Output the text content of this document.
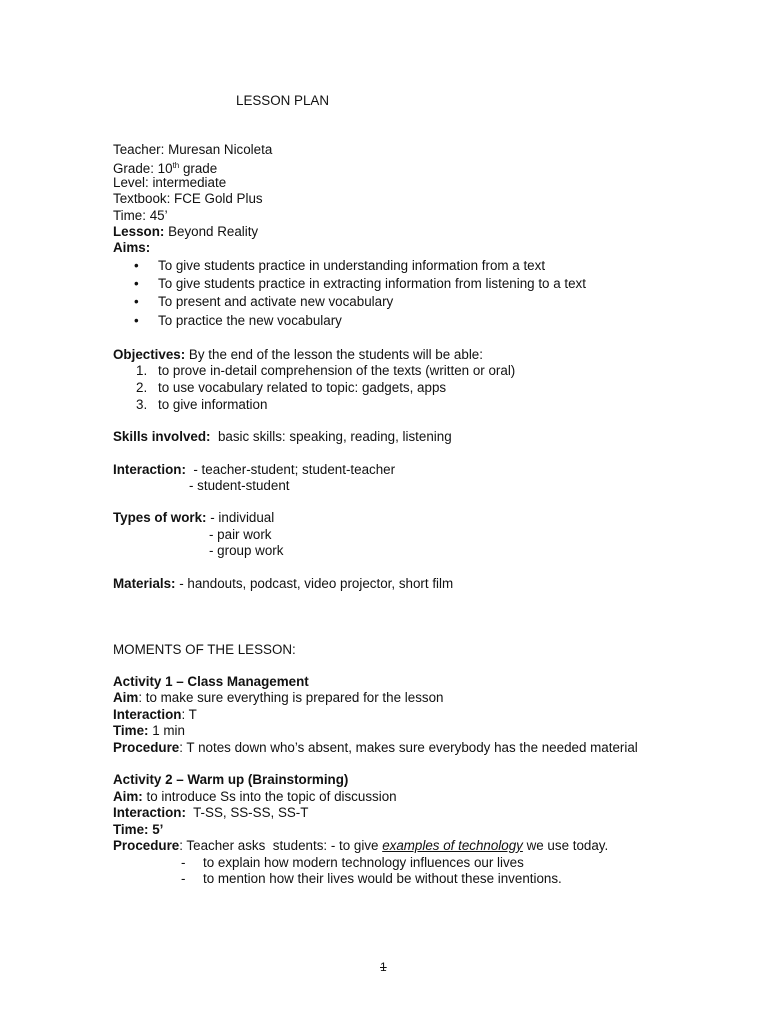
LESSON PLAN
Teacher: Muresan Nicoleta
Grade: 10th grade
Level: intermediate
Textbook: FCE Gold Plus
Time: 45’
Lesson: Beyond Reality
Aims:
• To give students practice in understanding information from a text
• To give students practice in extracting information from listening to a text
• To present and activate new vocabulary
• To practice the new vocabulary
Objectives: By the end of the lesson the students will be able:
1. to prove in-detail comprehension of the texts (written or oral)
2. to use vocabulary related to topic: gadgets, apps
3. to give information
Skills involved:  basic skills: speaking, reading, listening
Interaction:  - teacher-student; student-teacher
- student-student
Types of work: - individual
- pair work
- group work
Materials: - handouts, podcast, video projector, short film
MOMENTS OF THE LESSON:
Activity 1 – Class Management
Aim: to make sure everything is prepared for the lesson
Interaction: T
Time: 1 min
Procedure: T notes down who’s absent, makes sure everybody has the needed material
Activity 2 – Warm up (Brainstorming)
Aim: to introduce Ss into the topic of discussion
Interaction:  T-SS, SS-SS, SS-T
Time: 5’
Procedure: Teacher asks  students: - to give examples of technology we use today.
- to explain how modern technology influences our lives
- to mention how their lives would be without these inventions.
1
